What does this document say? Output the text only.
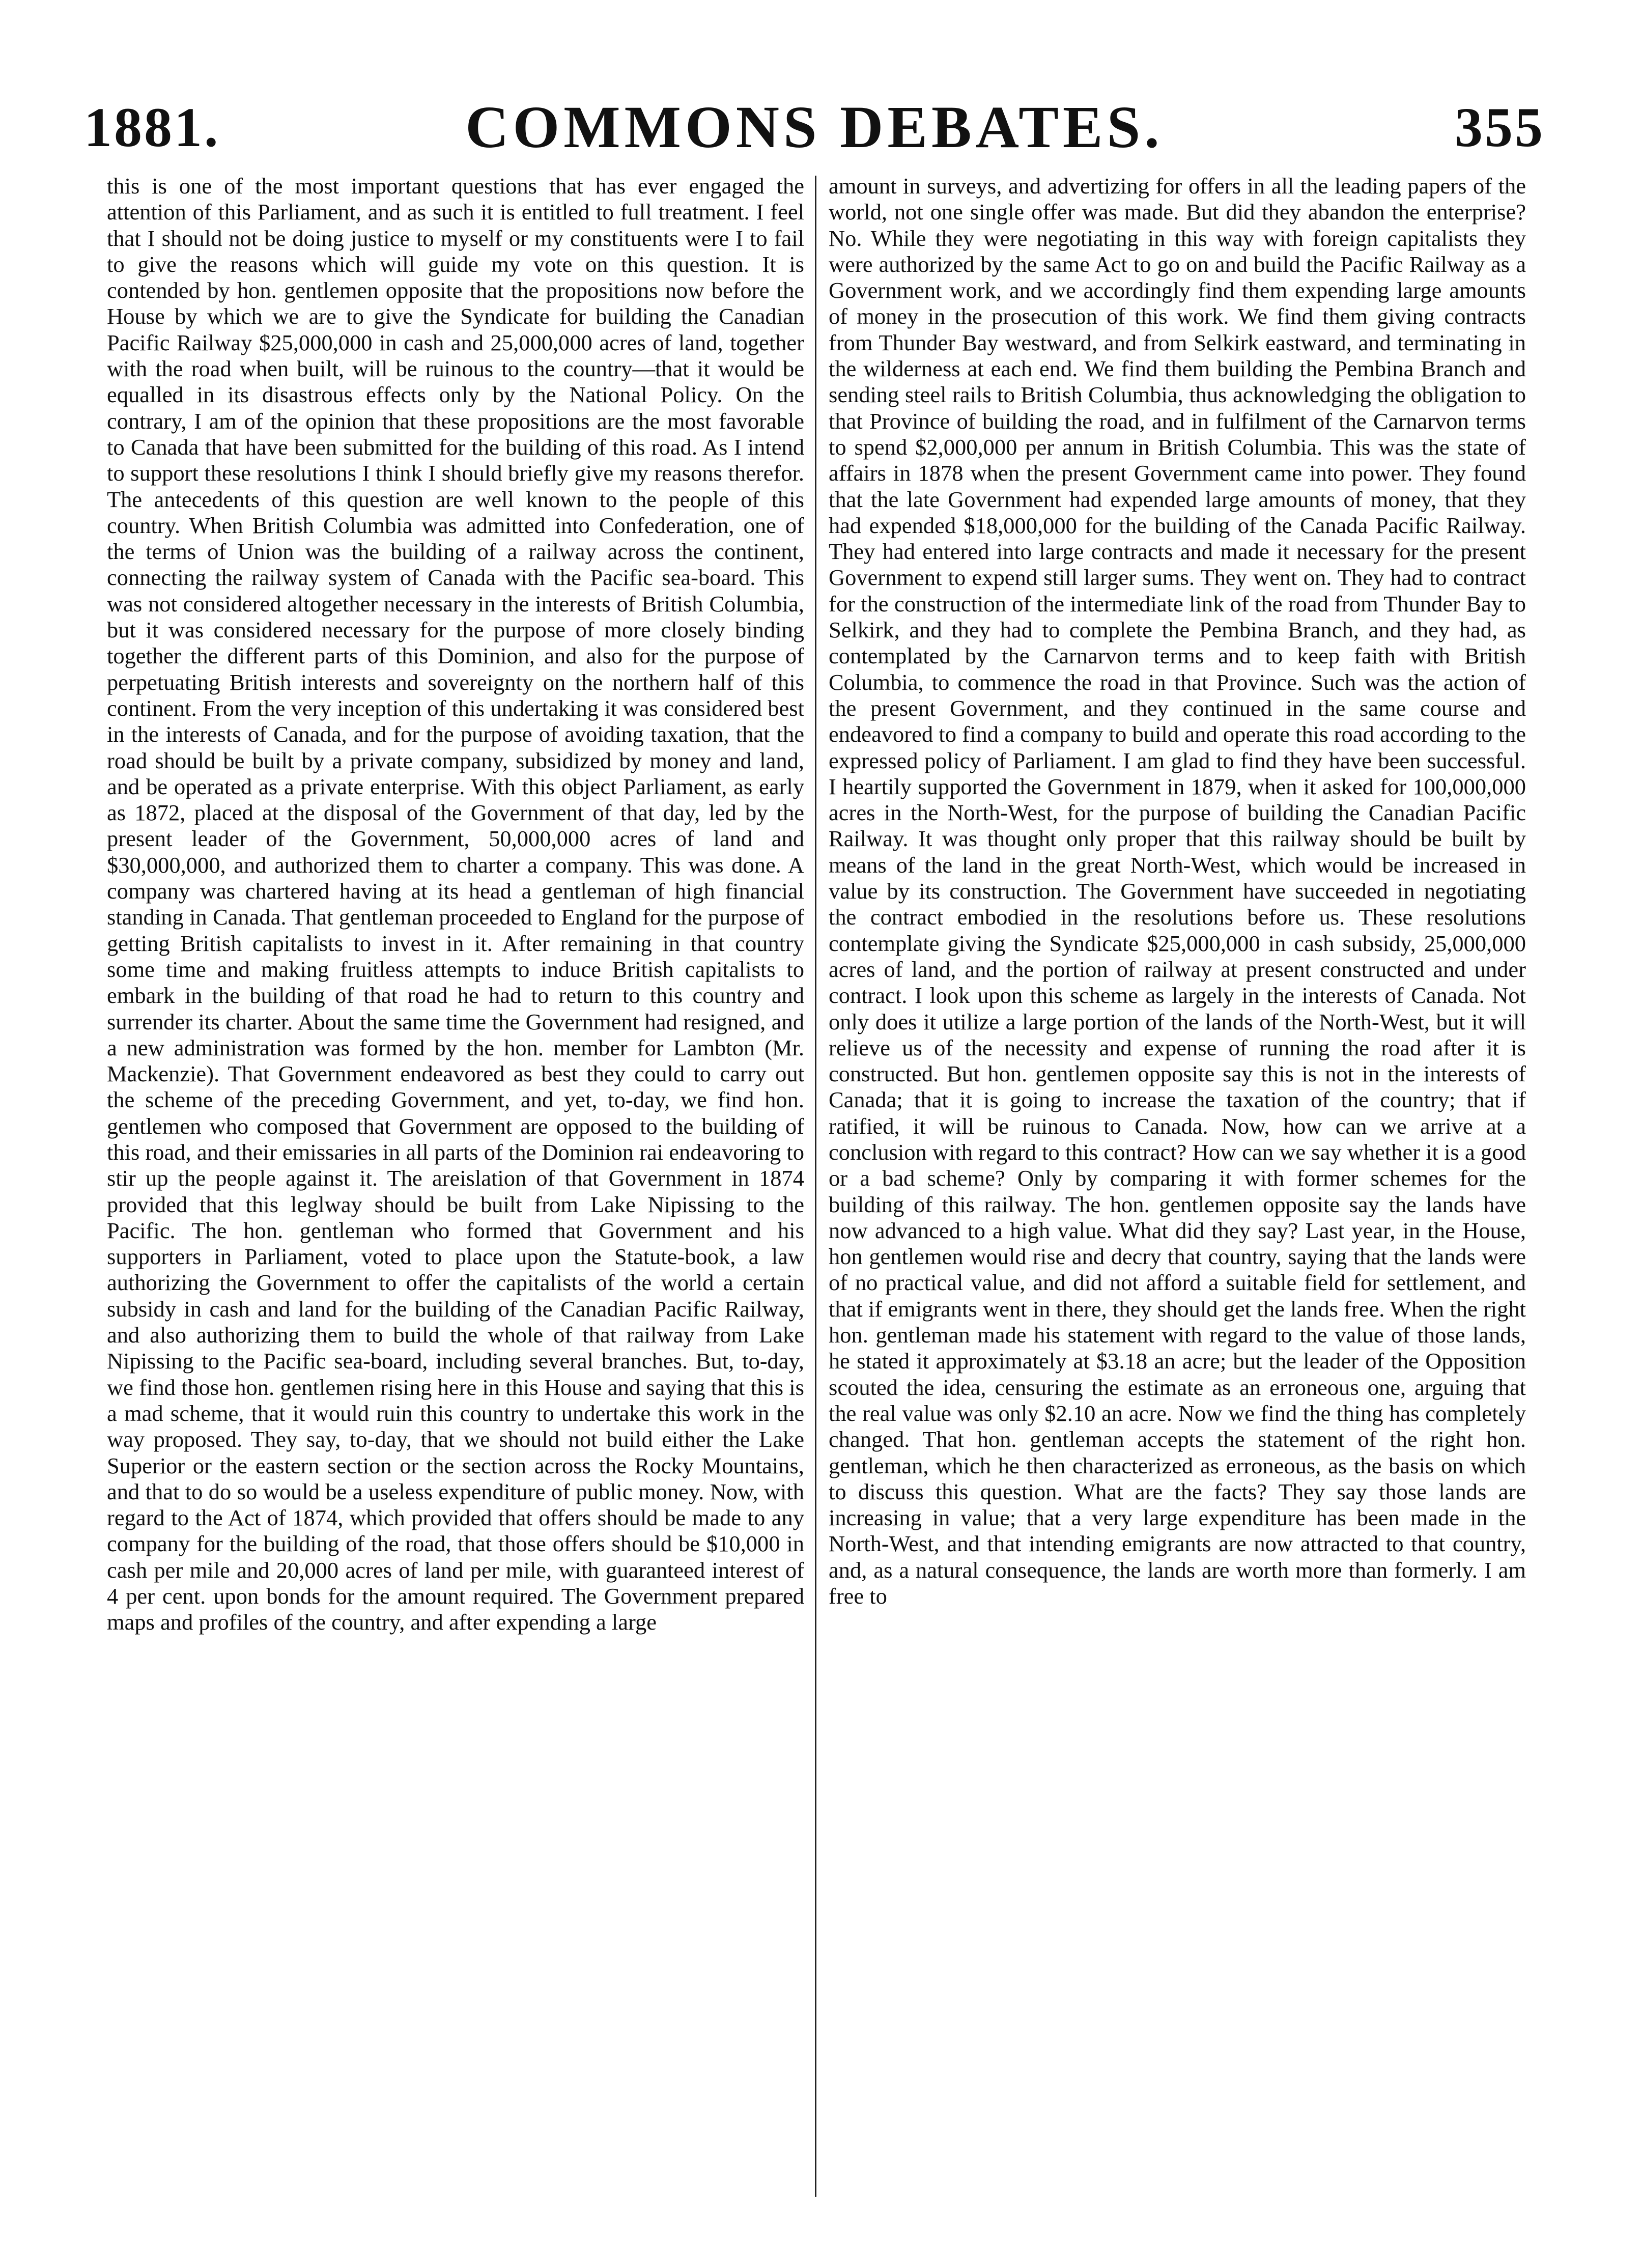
1881.	COMMONS DEBATES.	355

this is one of the most important questions that has ever engaged the attention of this Parliament, and as such it is entitled to full treatment. I feel that I should not be doing justice to myself or my constituents were I to fail to give the reasons which will guide my vote on this question. It is contended by hon. gentlemen opposite that the propositions now before the House by which we are to give the Syndicate for building the Canadian Pacific Railway $25,000,000 in cash and 25,000,000 acres of land, together with the road when built, will be ruinous to the country—that it would be equalled in its disastrous effects only by the National Policy. On the contrary, I am of the opinion that these propositions are the most favorable to Canada that have been submitted for the building of this road. As I intend to support these resolutions I think I should briefly give my reasons therefor. The antecedents of this question are well known to the people of this country. When British Columbia was admitted into Confederation, one of the terms of Union was the building of a railway across the continent, connecting the railway system of Canada with the Pacific sea-board. This was not considered altogether necessary in the interests of British Columbia, but it was considered necessary for the purpose of more closely binding together the different parts of this Dominion, and also for the purpose of perpetuating British interests and sovereignty on the northern half of this continent. From the very inception of this undertaking it was considered best in the interests of Canada, and for the purpose of avoiding taxation, that the road should be built by a private company, subsidized by money and land, and be operated as a private enterprise. With this object Parliament, as early as 1872, placed at the disposal of the Government of that day, led by the present leader of the Government, 50,000,000 acres of land and $30,000,000, and authorized them to charter a company. This was done. A company was chartered having at its head a gentleman of high financial standing in Canada. That gentleman proceeded to England for the purpose of getting British capitalists to invest in it. After remaining in that country some time and making fruitless attempts to induce British capitalists to embark in the building of that road he had to return to this country and surrender its charter. About the same time the Government had resigned, and a new administration was formed by the hon. member for Lambton (Mr. Mackenzie). That Government endeavored as best they could to carry out the scheme of the preceding Government, and yet, to-day, we find hon. gentlemen who composed that Government are opposed to the building of this road, and their emissaries in all parts of the Dominion rai endeavoring to stir up the people against it. The areislation of that Government in 1874 provided that this leglway should be built from Lake Nipissing to the Pacific. The hon. gentleman who formed that Government and his supporters in Parliament, voted to place upon the Statute-book, a law authorizing the Government to offer the capitalists of the world a certain subsidy in cash and land for the building of the Canadian Pacific Railway, and also authorizing them to build the whole of that railway from Lake Nipissing to the Pacific sea-board, including several branches. But, to-day, we find those hon. gentlemen rising here in this House and saying that this is a mad scheme, that it would ruin this country to undertake this work in the way proposed. They say, to-day, that we should not build either the Lake Superior or the eastern section or the section across the Rocky Mountains, and that to do so would be a useless expenditure of public money. Now, with regard to the Act of 1874, which provided that offers should be made to any company for the building of the road, that those offers should be $10,000 in cash per mile and 20,000 acres of land per mile, with guaranteed interest of 4 per cent. upon bonds for the amount required. The Government prepared maps and profiles of the country, and after expending a large

amount in surveys, and advertizing for offers in all the leading papers of the world, not one single offer was made. But did they abandon the enterprise? No. While they were negotiating in this way with foreign capitalists they were authorized by the same Act to go on and build the Pacific Railway as a Government work, and we accordingly find them expending large amounts of money in the prosecution of this work. We find them giving contracts from Thunder Bay westward, and from Selkirk eastward, and terminating in the wilderness at each end. We find them building the Pembina Branch and sending steel rails to British Columbia, thus acknowledging the obligation to that Province of building the road, and in fulfilment of the Carnarvon terms to spend $2,000,000 per annum in British Columbia. This was the state of affairs in 1878 when the present Government came into power. They found that the late Government had expended large amounts of money, that they had expended $18,000,000 for the building of the Canada Pacific Railway. They had entered into large contracts and made it necessary for the present Government to expend still larger sums. They went on. They had to contract for the construction of the intermediate link of the road from Thunder Bay to Selkirk, and they had to complete the Pembina Branch, and they had, as contemplated by the Carnarvon terms and to keep faith with British Columbia, to commence the road in that Province. Such was the action of the present Government, and they continued in the same course and endeavored to find a company to build and operate this road according to the expressed policy of Parliament. I am glad to find they have been successful. I heartily supported the Government in 1879, when it asked for 100,000,000 acres in the North-West, for the purpose of building the Canadian Pacific Railway. It was thought only proper that this railway should be built by means of the land in the great North-West, which would be increased in value by its construction. The Government have succeeded in negotiating the contract embodied in the resolutions before us. These resolutions contemplate giving the Syndicate $25,000,000 in cash subsidy, 25,000,000 acres of land, and the portion of railway at present constructed and under contract. I look upon this scheme as largely in the interests of Canada. Not only does it utilize a large portion of the lands of the North-West, but it will relieve us of the necessity and expense of running the road after it is constructed. But hon. gentlemen opposite say this is not in the interests of Canada; that it is going to increase the taxation of the country; that if ratified, it will be ruinous to Canada. Now, how can we arrive at a conclusion with regard to this contract? How can we say whether it is a good or a bad scheme? Only by comparing it with former schemes for the building of this railway. The hon. gentlemen opposite say the lands have now advanced to a high value. What did they say? Last year, in the House, hon gentlemen would rise and decry that country, saying that the lands were of no practical value, and did not afford a suitable field for settlement, and that if emigrants went in there, they should get the lands free. When the right hon. gentleman made his statement with regard to the value of those lands, he stated it approximately at $3.18 an acre; but the leader of the Opposition scouted the idea, censuring the estimate as an erroneous one, arguing that the real value was only $2.10 an acre. Now we find the thing has completely changed. That hon. gentleman accepts the statement of the right hon. gentleman, which he then characterized as erroneous, as the basis on which to discuss this question. What are the facts? They say those lands are increasing in value; that a very large expenditure has been made in the North-West, and that intending emigrants are now attracted to that country, and, as a natural consequence, the lands are worth more than formerly. I am free to
